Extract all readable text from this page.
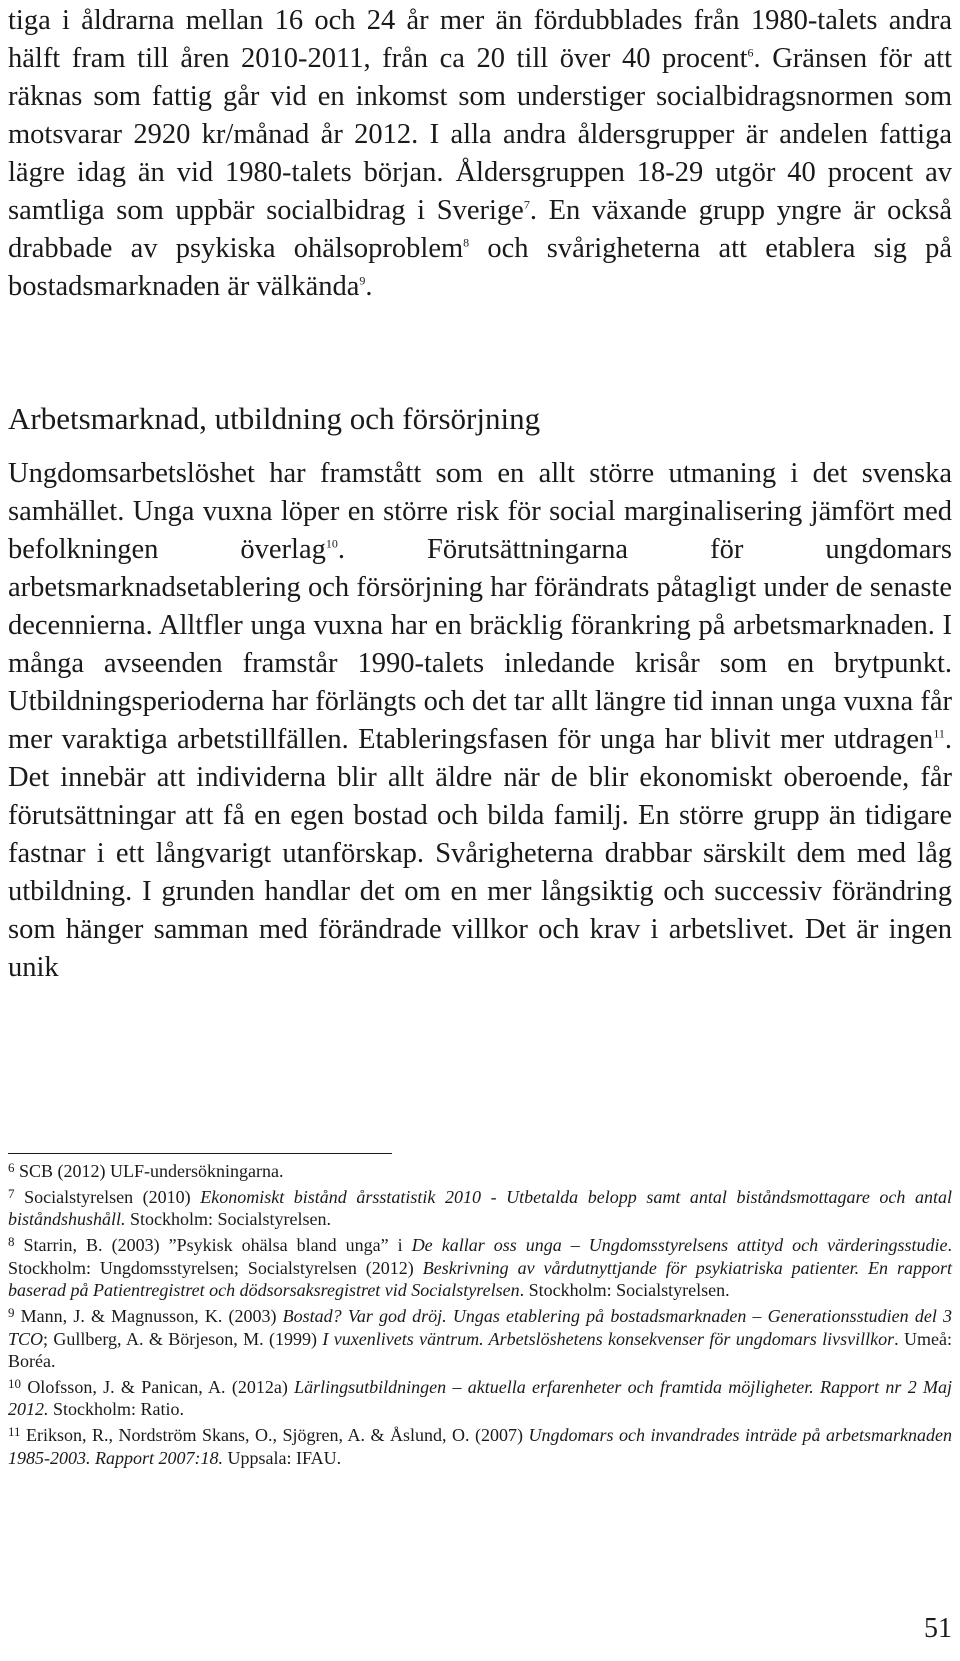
tiga i åldrarna mellan 16 och 24 år mer än fördubblades från 1980-talets andra hälft fram till åren 2010-2011, från ca 20 till över 40 procent$^6$. Gränsen för att räknas som fattig går vid en inkomst som understiger socialbidragsnormen som motsvarar 2920 kr/månad år 2012. I alla andra åldersgrupper är andelen fattiga lägre idag än vid 1980-talets början. Åldersgruppen 18-29 utgör 40 procent av samtliga som uppbär socialbidrag i Sverige$^7$. En växande grupp yngre är också drabbade av psykiska ohälsoproblem$^8$ och svårigheterna att etablera sig på bostadsmarknaden är välkända$^9$.

Arbetsmarknad, utbildning och försörjning

Ungdomsarbetslöshet har framstått som en allt större utmaning i det svenska samhället. Unga vuxna löper en större risk för social marginalisering jämfört med befolkningen överlag$^{10}$. Förutsättningarna för ungdomars arbetsmarknadsetablering och försörjning har förändrats påtagligt under de senaste decennierna. Alltfler unga vuxna har en bräcklig förankring på arbetsmarknaden. I många avseenden framstår 1990-talets inledande krisår som en brytpunkt. Utbildningsperioderna har förlängts och det tar allt längre tid innan unga vuxna får mer varaktiga arbetstillfällen. Etableringsfasen för unga har blivit mer utdragen$^{11}$. Det innebär att individerna blir allt äldre när de blir ekonomiskt oberoende, får förutsättningar att få en egen bostad och bilda familj. En större grupp än tidigare fastnar i ett långvarigt utanförskap. Svårigheterna drabbar särskilt dem med låg utbildning. I grunden handlar det om en mer långsiktig och successiv förändring som hänger samman med förändrade villkor och krav i arbetslivet. Det är ingen unik

$^6$ SCB (2012) ULF-undersökningarna.

$^7$ Socialstyrelsen (2010) Ekonomiskt bistånd årsstatistik 2010 - Utbetalda belopp samt antal biståndsmottagare och antal biståndshushåll. Stockholm: Socialstyrelsen.

$^8$ Starrin, B. (2003) ”Psykisk ohälsa bland unga” i De kallar oss unga – Ungdomsstyrelsens attityd och värderingsstudie. Stockholm: Ungdomsstyrelsen; Socialstyrelsen (2012) Beskrivning av vårdutnyttjande för psykiatriska patienter. En rapport baserad på Patientregistret och dödsorsaksregistret vid Socialstyrelsen. Stockholm: Socialstyrelsen.

$^9$ Mann, J. & Magnusson, K. (2003) Bostad? Var god dröj. Ungas etablering på bostadsmarknaden – Generationsstudien del 3 TCO; Gullberg, A. & Börjeson, M. (1999) I vuxenlivets väntrum. Arbetslöshetens konsekvenser för ungdomars livsvillkor. Umeå: Boréa.

$^{10}$ Olofsson, J. & Panican, A. (2012a) Lärlingsutbildningen – aktuella erfarenheter och framtida möjligheter. Rapport nr 2 Maj 2012. Stockholm: Ratio.

$^{11}$ Erikson, R., Nordström Skans, O., Sjögren, A. & Åslund, O. (2007) Ungdomars och invandrades inträde på arbetsmarknaden 1985-2003. Rapport 2007:18. Uppsala: IFAU.

51
